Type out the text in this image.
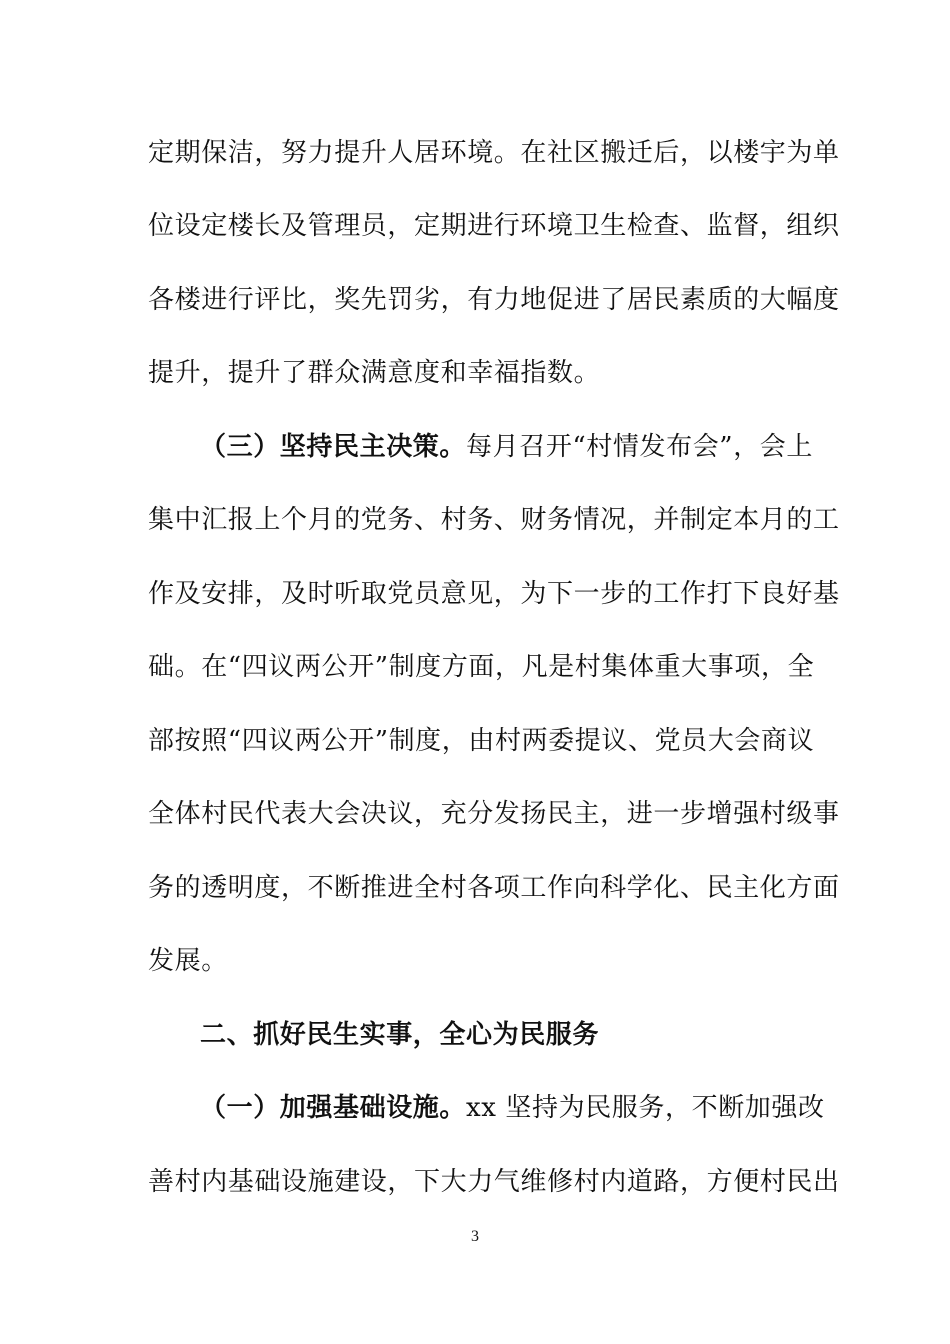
定期保洁，努力提升人居环境。在社区搬迁后，以楼宇为单
位设定楼长及管理员，定期进行环境卫生检查、监督，组织
各楼进行评比，奖先罚劣，有力地促进了居民素质的大幅度
提升，提升了群众满意度和幸福指数。
（三）坚持民主决策。每月召开“村情发布会”，会上
集中汇报上个月的党务、村务、财务情况，并制定本月的工
作及安排，及时听取党员意见，为下一步的工作打下良好基
础。在“四议两公开”制度方面，凡是村集体重大事项，全
部按照“四议两公开”制度，由村两委提议、党员大会商议
全体村民代表大会决议，充分发扬民主，进一步增强村级事
务的透明度，不断推进全村各项工作向科学化、民主化方面
发展。
二、抓好民生实事，全心为民服务
（一）加强基础设施。xx 坚持为民服务，不断加强改
善村内基础设施建设，下大力气维修村内道路，方便村民出
3
